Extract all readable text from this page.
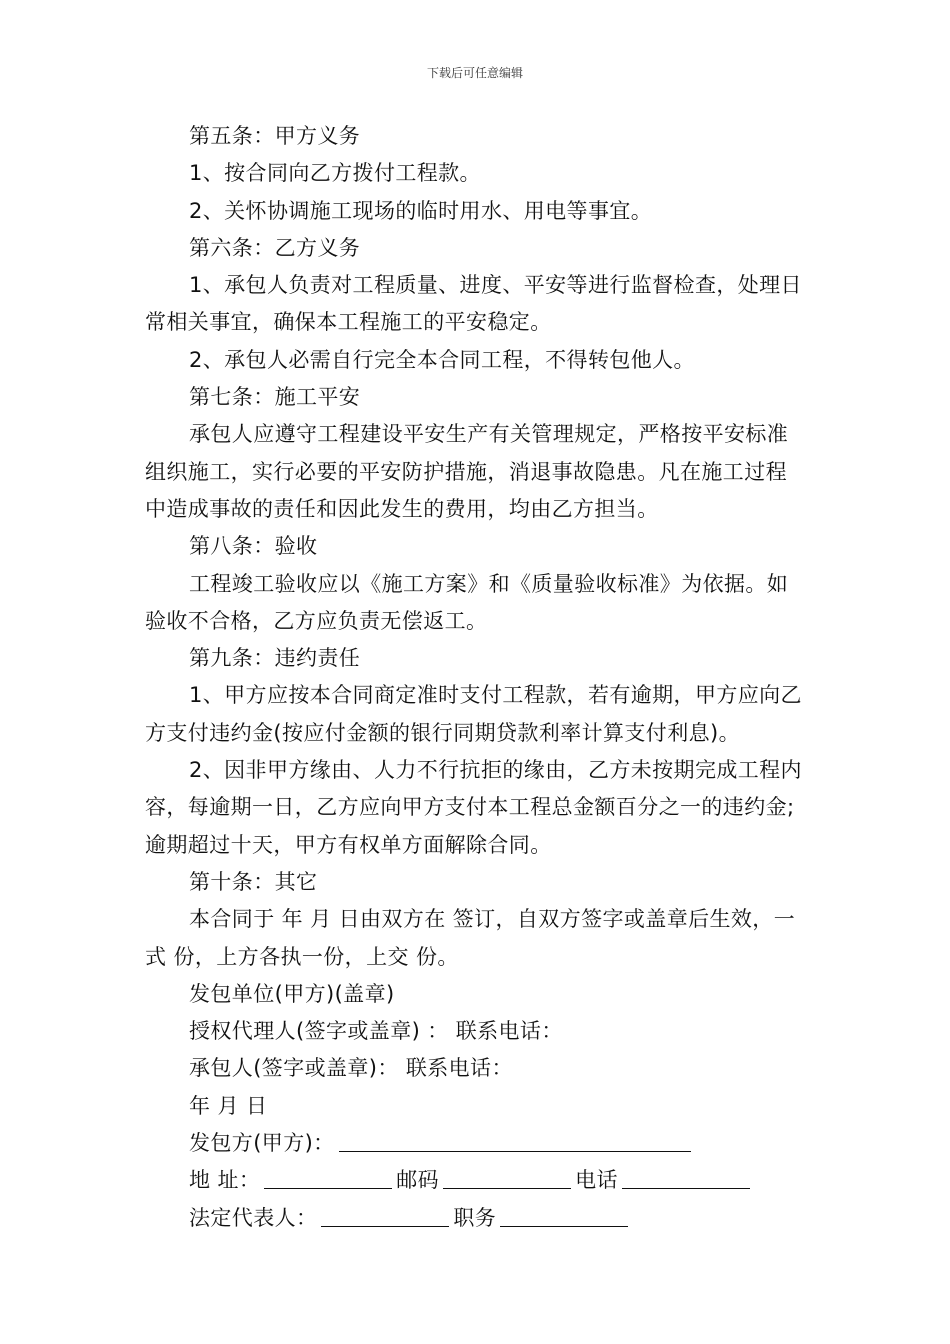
下载后可任意编辑

第五条：甲方义务

1、按合同向乙方拨付工程款。

2、关怀协调施工现场的临时用水、用电等事宜。

第六条：乙方义务

1、承包人负责对工程质量、进度、平安等进行监督检查，处理日常相关事宜，确保本工程施工的平安稳定。

2、承包人必需自行完全本合同工程，不得转包他人。

第七条：施工平安

承包人应遵守工程建设平安生产有关管理规定，严格按平安标准组织施工，实行必要的平安防护措施，消退事故隐患。凡在施工过程中造成事故的责任和因此发生的费用，均由乙方担当。

第八条：验收

工程竣工验收应以《施工方案》和《质量验收标准》为依据。如验收不合格，乙方应负责无偿返工。

第九条：违约责任

1、甲方应按本合同商定准时支付工程款，若有逾期，甲方应向乙方支付违约金(按应付金额的银行同期贷款利率计算支付利息)。

2、因非甲方缘由、人力不行抗拒的缘由，乙方未按期完成工程内容，每逾期一日，乙方应向甲方支付本工程总金额百分之一的违约金;逾期超过十天，甲方有权单方面解除合同。

第十条：其它

本合同于 年 月 日由双方在 签订，自双方签字或盖章后生效，一式 份，上方各执一份，上交 份。

发包单位(甲方)(盖章)

授权代理人(签字或盖章) ： 联系电话：

承包人(签字或盖章)： 联系电话：

年 月 日

发包方(甲方)：

地 址：	邮码	电话

法定代表人：	职务
